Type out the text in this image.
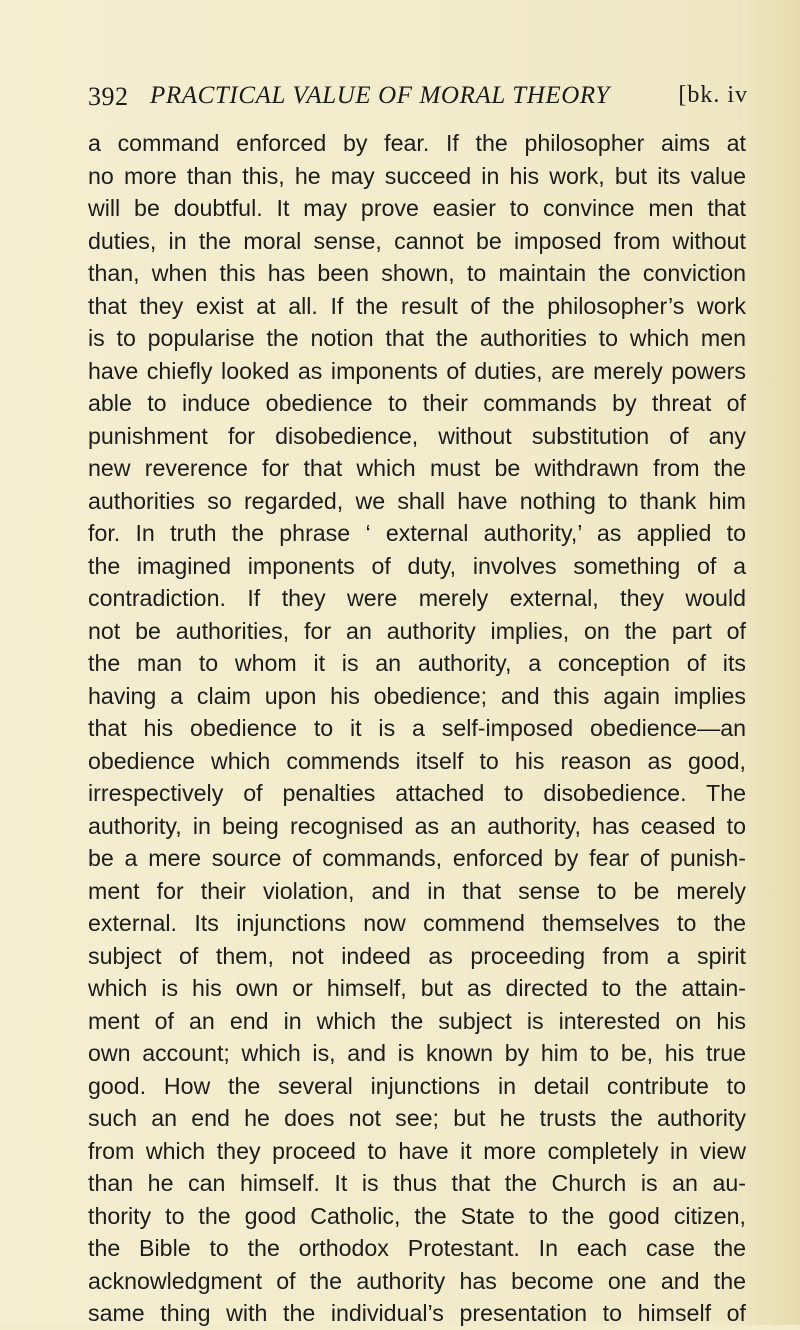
392 PRACTICAL VALUE OF MORAL THEORY	[bk. iv
a command enforced by fear. If the philosopher aims at
no more than this, he may succeed in his work, but its value
will be doubtful. It may prove easier to convince men that
duties, in the moral sense, cannot be imposed from without
than, when this has been shown, to maintain the conviction
that they exist at all. If the result of the philosopher’s work
is to popularise the notion that the authorities to which men
have chiefly looked as imponents of duties, are merely powers
able to induce obedience to their commands by threat of
punishment for disobedience, without substitution of any
new reverence for that which must be withdrawn from the
authorities so regarded, we shall have nothing to thank him
for. In truth the phrase ‘ external authority,’ as applied to
the imagined imponents of duty, involves something of a
contradiction. If they were merely external, they would
not be authorities, for an authority implies, on the part of
the man to whom it is an authority, a conception of its
having a claim upon his obedience; and this again implies
that his obedience to it is a self-imposed obedience—an
obedience which commends itself to his reason as good,
irrespectively of penalties attached to disobedience. The
authority, in being recognised as an authority, has ceased to
be a mere source of commands, enforced by fear of punish-
ment for their violation, and in that sense to be merely
external. Its injunctions now commend themselves to the
subject of them, not indeed as proceeding from a spirit
which is his own or himself, but as directed to the attain-
ment of an end in which the subject is interested on his
own account; which is, and is known by him to be, his true
good. How the several injunctions in detail contribute to
such an end he does not see; but he trusts the authority
from which they proceed to have it more completely in view
than he can himself. It is thus that the Church is an au-
thority to the good Catholic, the State to the good citizen,
the Bible to the orthodox Protestant. In each case the
acknowledgment of the authority has become one and the
same thing with the individual’s presentation to himself of
